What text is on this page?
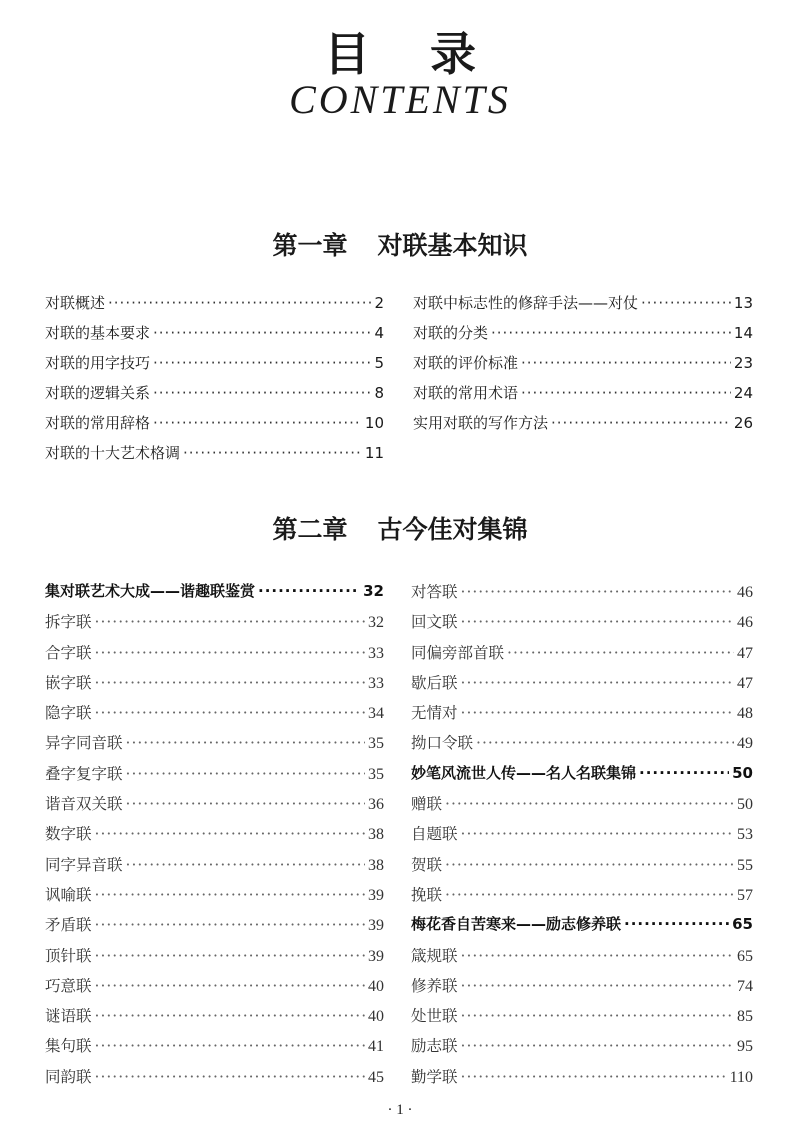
目 录
CONTENTS
第一章 对联基本知识
对联概述 ·····	2
对联的基本要求 ·····	4
对联的用字技巧 ·····	5
对联的逻辑关系 ·····	8
对联的常用辞格 ·····	10
对联的十大艺术格调 ·····	11
对联中标志性的修辞手法——对仗 ·····	13
对联的分类 ·····	14
对联的评价标准 ·····	23
对联的常用术语 ·····	24
实用对联的写作方法 ·····	26
第二章 古今佳对集锦
集对联艺术大成——谐趣联鉴赏 ·····	32
拆字联 ·····	32
合字联 ·····	33
嵌字联 ·····	33
隐字联 ·····	34
异字同音联 ·····	35
叠字复字联 ·····	35
谐音双关联 ·····	36
数字联 ·····	38
同字异音联 ·····	38
讽喻联 ·····	39
矛盾联 ·····	39
顶针联 ·····	39
巧意联 ·····	40
谜语联 ·····	40
集句联 ·····	41
同韵联 ·····	45
对答联 ·····	46
回文联 ·····	46
同偏旁部首联 ·····	47
歇后联 ·····	47
无情对 ·····	48
拗口令联 ·····	49
妙笔风流世人传——名人名联集锦 ·····	50
赠联 ·····	50
自题联 ·····	53
贺联 ·····	55
挽联 ·····	57
梅花香自苦寒来——励志修养联 ·····	65
箴规联 ·····	65
修养联 ·····	74
处世联 ·····	85
励志联 ·····	95
勤学联 ·····	110
· 1 ·
